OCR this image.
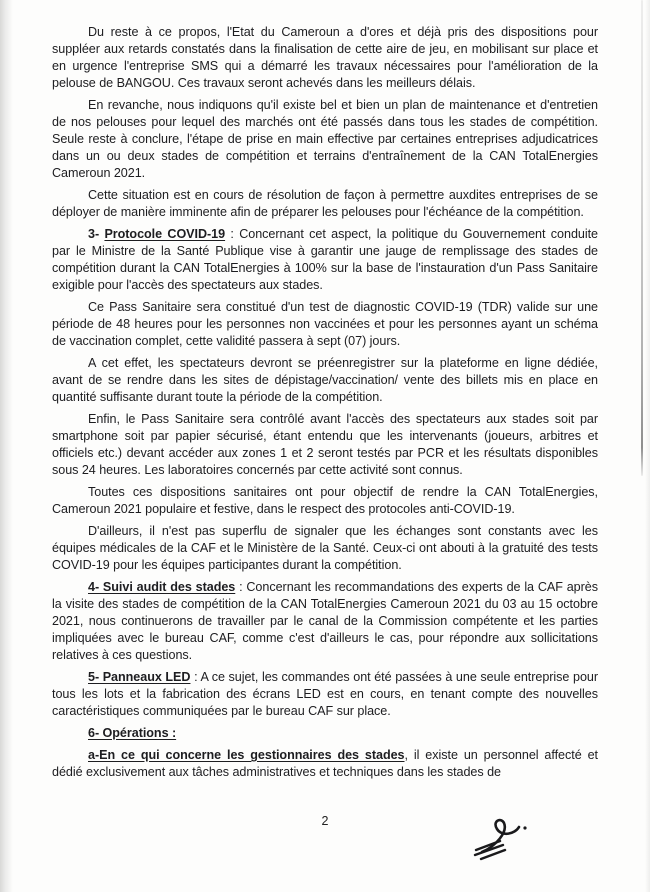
Du reste à ce propos, l'Etat du Cameroun a d'ores et déjà pris des dispositions pour suppléer aux retards constatés dans la finalisation de cette aire de jeu, en mobilisant sur place et en urgence l'entreprise SMS qui a démarré les travaux nécessaires pour l'amélioration de la pelouse de BANGOU. Ces travaux seront achevés dans les meilleurs délais.

En revanche, nous indiquons qu'il existe bel et bien un plan de maintenance et d'entretien de nos pelouses pour lequel des marchés ont été passés dans tous les stades de compétition. Seule reste à conclure, l'étape de prise en main effective par certaines entreprises adjudicatrices dans un ou deux stades de compétition et terrains d'entraînement de la CAN TotalEnergies Cameroun 2021.

Cette situation est en cours de résolution de façon à permettre auxdites entreprises de se déployer de manière imminente afin de préparer les pelouses pour l'échéance de la compétition.

3- Protocole COVID-19 : Concernant cet aspect, la politique du Gouvernement conduite par le Ministre de la Santé Publique vise à garantir une jauge de remplissage des stades de compétition durant la CAN TotalEnergies à 100% sur la base de l'instauration d'un Pass Sanitaire exigible pour l'accès des spectateurs aux stades.

Ce Pass Sanitaire sera constitué d'un test de diagnostic COVID-19 (TDR) valide sur une période de 48 heures pour les personnes non vaccinées et pour les personnes ayant un schéma de vaccination complet, cette validité passera à sept (07) jours.

A cet effet, les spectateurs devront se préenregistrer sur la plateforme en ligne dédiée, avant de se rendre dans les sites de dépistage/vaccination/ vente des billets mis en place en quantité suffisante durant toute la période de la compétition.

Enfin, le Pass Sanitaire sera contrôlé avant l'accès des spectateurs aux stades soit par smartphone soit par papier sécurisé, étant entendu que les intervenants (joueurs, arbitres et officiels etc.) devant accéder aux zones 1 et 2 seront testés par PCR et les résultats disponibles sous 24 heures. Les laboratoires concernés par cette activité sont connus.

Toutes ces dispositions sanitaires ont pour objectif de rendre la CAN TotalEnergies, Cameroun 2021 populaire et festive, dans le respect des protocoles anti-COVID-19.

D'ailleurs, il n'est pas superflu de signaler que les échanges sont constants avec les équipes médicales de la CAF et le Ministère de la Santé. Ceux-ci ont abouti à la gratuité des tests COVID-19 pour les équipes participantes durant la compétition.

4- Suivi audit des stades : Concernant les recommandations des experts de la CAF après la visite des stades de compétition de la CAN TotalEnergies Cameroun 2021 du 03 au 15 octobre 2021, nous continuerons de travailler par le canal de la Commission compétente et les parties impliquées avec le bureau CAF, comme c'est d'ailleurs le cas, pour répondre aux sollicitations relatives à ces questions.

5- Panneaux LED : A ce sujet, les commandes ont été passées à une seule entreprise pour tous les lots et la fabrication des écrans LED est en cours, en tenant compte des nouvelles caractéristiques communiquées par le bureau CAF sur place.

6- Opérations :

a-En ce qui concerne les gestionnaires des stades, il existe un personnel affecté et dédié exclusivement aux tâches administratives et techniques dans les stades de

2
